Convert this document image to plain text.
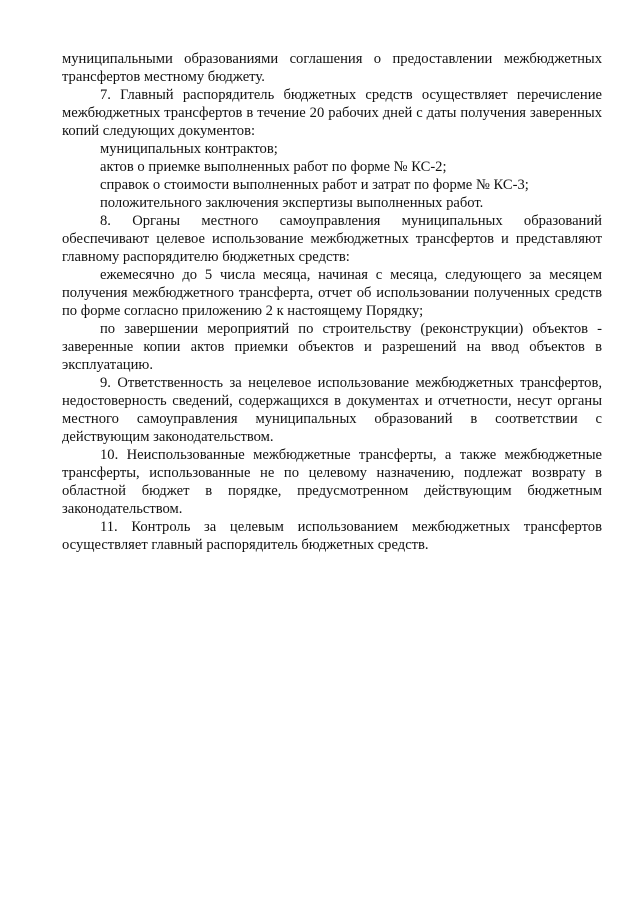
муниципальными образованиями соглашения о предоставлении межбюджетных трансфертов местному бюджету.

7. Главный распорядитель бюджетных средств осуществляет перечисление межбюджетных трансфертов в течение 20 рабочих дней с даты получения заверенных копий следующих документов:

муниципальных контрактов;

актов о приемке выполненных работ по форме № КС-2;

справок о стоимости выполненных работ и затрат по форме № КС-3;

положительного заключения экспертизы выполненных работ.

8. Органы местного самоуправления муниципальных образований обеспечивают целевое использование межбюджетных трансфертов и представляют главному распорядителю бюджетных средств:

ежемесячно до 5 числа месяца, начиная с месяца, следующего за месяцем получения межбюджетного трансферта, отчет об использовании полученных средств по форме согласно приложению 2 к настоящему Порядку;

по завершении мероприятий по строительству (реконструкции) объектов - заверенные копии актов приемки объектов и разрешений на ввод объектов в эксплуатацию.

9. Ответственность за нецелевое использование межбюджетных трансфертов, недостоверность сведений, содержащихся в документах и отчетности, несут органы местного самоуправления муниципальных образований в соответствии с действующим законодательством.

10. Неиспользованные межбюджетные трансферты, а также межбюджетные трансферты, использованные не по целевому назначению, подлежат возврату в областной бюджет в порядке, предусмотренном действующим бюджетным законодательством.

11. Контроль за целевым использованием межбюджетных трансфертов осуществляет главный распорядитель бюджетных средств.
